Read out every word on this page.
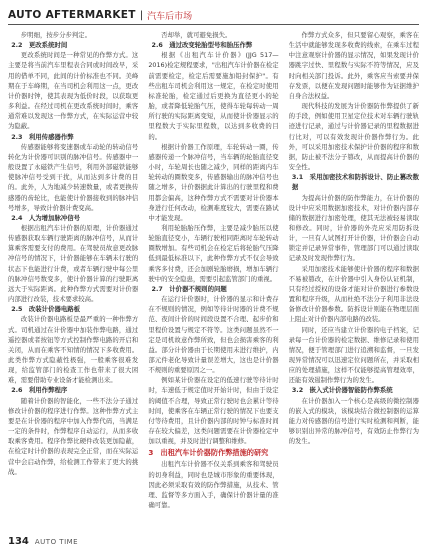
AUTO AFTERMARKET | 汽车后市场

步明细，按步分步判定。

2.2　更改系统时间

更改系统时间是一种常见的作弊方式。这主要是将当前汽车里程表合同或时间改早，采用的借单不同，此间的计价标准也不同。美峰期在于车峰期，在当司机会利用这一点，更改计价器时钟，使其表现为低价时段，以获取更多利益。在经过司机在更改系统时间时，乘客通常难以发现这一作弊方式，在实际运营中较为隐蔽。

2.3　利用传感器作弊

传感器能够将变速器或车动轮的转动信号转化为计价器可识别的脉冲信号。传感器中一般设置了永磁铁产生信号，利用外部磁铁能够使脉冲信号受到干扰，从而达到多计费的目的。此外，人为地减少转速数量，或者更换传感器的齿轮比，也能使计价器接收到的脉冲信号增多，导致计价器计费变高。

2.4　人为增加脉冲信号

根据出租汽车计价器的原理，计价器通过传感器获取车辆行驶距离的脉冲信号，从而计算乘客需要支付的费用。在驾驶员故意更改脉冲信号的情况下，计价器能够在车辆未行驶的状态下也能进行计费，或者车辆行驶中每公里的脉冲信号数变多，使计价器计算的行驶距离远大于实际距离。此种作弊方式需要对计价器内部进行改装，技术要求较高。

2.5　改装计价器电路板

改装计价器电路板是最严重的一种作弊方式。司机通过在计价器中加装作弊电路，通过遥控器或者按钮等方式控制作弊电路的开启和关闭，从而在乘客不知情的情况下多收费用。此类作弊方式隐蔽性极强，一般乘客很难发现，给监管部门的检查工作也带来了很大困难，需要借助专业设备才能检测出来。

2.6　利用作弊程序

随着计价器的智能化，一些不法分子通过修改计价器的程序进行作弊。这种作弊方式主要是在计价器的程序中加入作弊代码，当满足一定的条件时，作弊程序自动运行，从而多收取乘客费用。程序作弊比硬件改装更加隐蔽，在检定时计价器的表现完全正常，而在实际运营中会启动作弊，给检测工作带来了更大的挑战。

否却举，就可避免损失。

2.6　通过改变轮胎型号和胎压作弊

根据《出租汽车计价器》(JJG 517—2016)检定规程要求，"出租汽车计价器在检定前需要检定，检定后需要施加铅封保护"。有些出租车司机会利用这一规定，在检定时使用标准轮胎，检定通过后更换为直径更小的轮胎，或者降低轮胎气压，使得车轮每转动一周所行驶的实际距离变短，从而使计价器显示的里程数大于实际里程数，以达到多收费的目的。

根据计价器工作原理，车轮转动一圈，传感器传递一个脉冲信号，当车辆的轮胎直径变小时，车轮周长也随之减少，同样的距离内车轮转动的圈数变多，传感器输出的脉冲信号也随之增多，计价器据此计算出的行驶里程和费用都会偏高，这种作弊方式不需要对计价器本身进行任何改动，检测难度较大，需要在路试中才能发现。

利用轮胎胎压作弊，主要是减少胎压以使轮胎直径变小，车辆行驶相同距离时车轮转动圈数增加。有些司机会在检定后将轮胎气压降低到最低标准以下，此种作弊方式不仅会导致乘客多付费，还会加剧轮胎磨损，增加车辆行驶中的安全隐患，需要引起监管部门的重视。

2.7　计价器不规则的问题

在运行计价器时，计价器的显示和计费存在不规则的情况，例如等待计时器的计费不规范、夜间计价的时间段设置不合理、起步价和里程价设置与规定不符等。这类问题虽然不一定是司机故意作弊所致，但也会损害乘客的利益。部分计价器由于长期使用未进行维护，内部元件老化导致计量误差增大，这也是计价器不规则的重要原因之一。

例如某计价器在设定的低速行驶等待计时时，车速低于规定值时开始计时，但由于设定的阈值不合理，导致正常行驶时也会累计等待时间，使乘客在车辆正常行驶的情况下也要支付等待费用，且计价器内部的时钟与标准时间存在较大偏差，这类问题需要在计价器检定中加以重视，并及时进行调整和维修。

3　出租汽车计价器防作弊措施的研究

出租汽车计价器不仅关系到乘客和驾驶员的切身利益，同时也是城市形象的重要体现，因此必须采取有效的防作弊措施，从技术、管理、监督等多方面入手，确保计价器计量的准确可靠。

作弊方式众多，但只要留心观察，乘客在生活中就能够发现多收费的线索，在乘车过程中注意观察计价器的显示情况，如果发现计价器跳字过快、里程数与实际不符等情况，应及时向相关部门投诉。此外，乘客应当索要并保存发票，以便在发现问题时能够作为证据维护自身合法权益。

现代科技的发展为计价器防作弊提供了新的手段，例如使用卫星定位技术对车辆行驶轨迹进行记录，通过与计价器记录的里程数据进行比对，可以有效发现计价器作弊行为。此外，可以采用加密技术保护计价器的程序和数据，防止被不法分子篡改，从而提高计价器的安全性。

3.1　采用加密技术和防拆设计、防止篡改数据

为提高计价器的防作弊能力，在计价器的设计中应采用数据加密技术，对计价器内部存储的数据进行加密处理，使其无法被轻易读取和修改。同时，计价器的外壳应采用防拆设计，一旦有人试图打开计价器，计价器会自动锁定并记录异常事件，管理部门可以通过读取记录及时发现作弊行为。

采用加密技术能够使计价器的程序和数据不易被篡改，在计价器中引入身份认证机制，只有经过授权的设备才能对计价器进行参数设置和程序升级，从而杜绝不法分子利用非法设备修改计价器参数。防拆设计则能在物理层面上阻止对计价器内部电路的改装。

同时，还应当建立计价器的电子档案，记录每一台计价器的检定数据、维修记录和使用情况，便于管理部门进行追溯和监督，一旦发现异常情况可以迅速定位问题所在，并采取相应的处理措施，这样不仅能够提高管理效率，还能有效遏制作弊行为的发生。

3.2　嵌入式计价器智能防作弊系统

在计价器加入一个核心是高级的微控制器的嵌入式的模块，该模块结合微控制器的运算能力对传感器的信号进行实时检测和判断，能够识别出异常的脉冲信号，有效防止作弊行为的发生。

134 AUTO TIME
